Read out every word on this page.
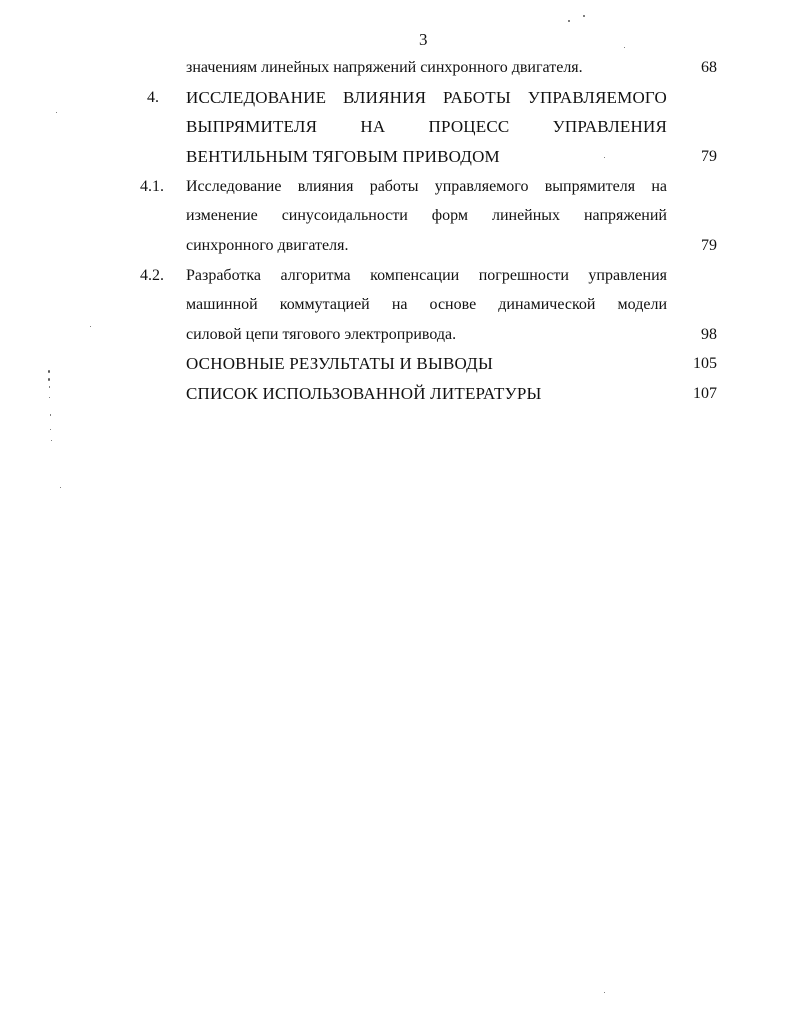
3
значениям линейных напряжений синхронного двигателя.	68
4. ИССЛЕДОВАНИЕ ВЛИЯНИЯ РАБОТЫ УПРАВЛЯЕМОГО
ВЫПРЯМИТЕЛЯ НА ПРОЦЕСС УПРАВЛЕНИЯ
ВЕНТИЛЬНЫМ ТЯГОВЫМ ПРИВОДОМ	79
4.1. Исследование влияния работы управляемого выпрямителя на
изменение синусоидальности форм линейных напряжений
синхронного двигателя.	79
4.2. Разработка алгоритма компенсации погрешности управления
машинной коммутацией на основе динамической модели
силовой цепи тягового электропривода.	98
ОСНОВНЫЕ РЕЗУЛЬТАТЫ И ВЫВОДЫ	105
СПИСОК ИСПОЛЬЗОВАННОЙ ЛИТЕРАТУРЫ	107
